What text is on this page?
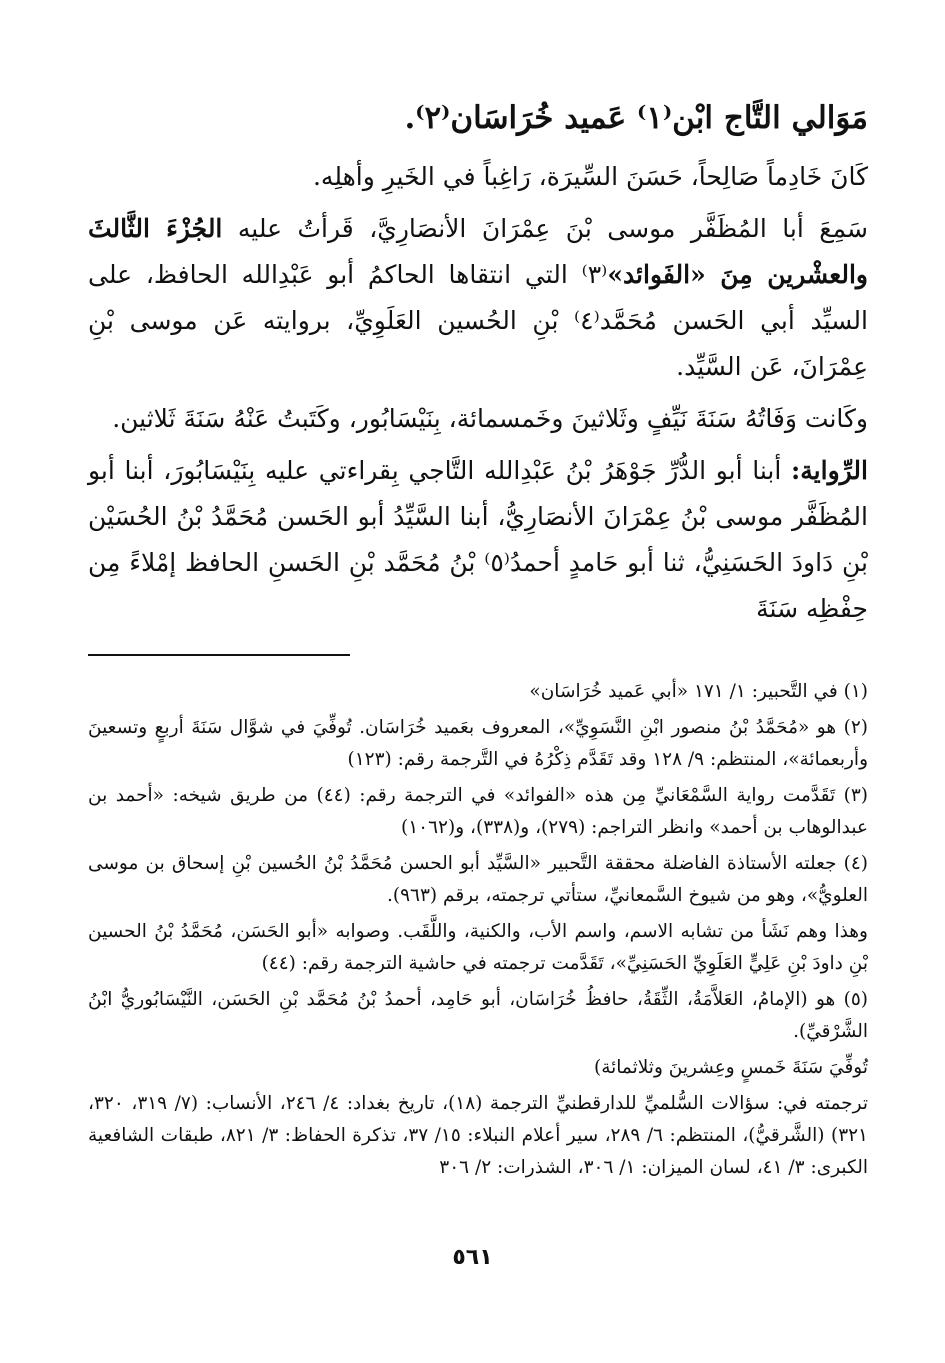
مَوَالي التَّاج ابْن⁽١⁾ عَميد خُرَاسَان⁽٢⁾.

كَانَ خَادِماً صَالِحاً، حَسَنَ السِّيرَة، رَاغِباً في الخَيرِ وأهلِه.

سَمِعَ أبا المُظَفَّر موسى بْنَ عِمْرَانَ الأنصَارِيَّ، قَرأتُ عليه الجُزْءَ الثَّالثَ والعشْرين مِنَ «الفَوائد»⁽٣⁾ التي انتقاها الحاكمُ أبو عَبْدِالله الحافظ، على السيِّد أبي الحَسن مُحَمَّد⁽٤⁾ بْنِ الحُسين العَلَوِيِّ، بروايته عَن موسى بْنِ عِمْرَانَ، عَن السَّيِّد.

وكَانت وَفَاتُهُ سَنَةَ نَيِّفٍ وثَلاثينَ وخَمسمائة، بِنَيْسَابُور، وكَتَبتُ عَنْهُ سَنَةَ ثَلاثين.

الرِّواية: أبنا أبو الدُّرِّ جَوْهَرُ بْنُ عَبْدِالله التَّاجي بِقراءتي عليه بِنَيْسَابُورَ، أبنا أبو المُظَفَّر موسى بْنُ عِمْرَانَ الأنصَارِيُّ، أبنا السَّيِّدُ أبو الحَسن مُحَمَّدُ بْنُ الحُسَيْن بْنِ دَاودَ الحَسَنِيُّ، ثنا أبو حَامدٍ أحمدُ⁽٥⁾ بْنُ مُحَمَّد بْنِ الحَسنِ الحافظ إمْلاءً مِن حِفْظِه سَنَةَ

(١) في التَّحبير: ١/ ١٧١ «أبي عَميد خُرَاسَان»

(٢) هو «مُحَمَّدُ بْنُ منصور ابْنِ النَّسَوِيِّ»، المعروف بعَميد خُرَاسَان. تُوفِّيَ في شوَّال سَنَةَ أربعٍ وتسعينَ وأربعمائة»، المنتظم: ٩/ ١٢٨ وقد تَقَدَّم ذِكْرُهُ في التَّرجمة رقم: (١٢٣)

(٣) تَقَدَّمت رواية السَّمْعَانيِّ مِن هذه «الفوائد» في الترجمة رقم: (٤٤) من طريق شيخه: «أحمد بن عبدالوهاب بن أحمد» وانظر التراجم: (٢٧٩)، و(٣٣٨)، و(١٠٦٢)

(٤) جعلته الأستاذة الفاضلة محققة التَّحبير «السَّيِّد أبو الحسن مُحَمَّدُ بْنُ الحُسين بْنِ إسحاق بن موسى العلويُّ»، وهو من شيوخ السَّمعانيِّ، ستأتي ترجمته، برقم (٩٦٣).

وهذا وهم نَشَأ من تشابه الاسم، واسم الأب، والكنية، واللَّقَب. وصوابه «أبو الحَسَن، مُحَمَّدُ بْنُ الحسين بْنِ داودَ بْنِ عَلِيٍّ العَلَوِيِّ الحَسَنِيِّ»، تَقَدَّمت ترجمته في حاشية الترجمة رقم: (٤٤)

(٥) هو (الإمامُ، العَلاَّمَةُ، الثِّقَةُ، حافظُ خُرَاسَان، أبو حَامِد، أحمدُ بْنُ مُحَمَّد بْنِ الحَسَن، النَّيْسَابُوريُّ ابْنُ الشَّرْقيِّ).

تُوفِّيَ سَنَةَ خَمسٍ وعِشرينَ وثلاثمائة)

ترجمته في: سؤالات السُّلميِّ للدارقطنيِّ الترجمة (١٨)، تاريخ بغداد: ٤/ ٢٤٦، الأنساب: (٧/ ٣١٩، ٣٢٠، ٣٢١) (الشَّرقيُّ)، المنتظم: ٦/ ٢٨٩، سير أعلام النبلاء: ١٥/ ٣٧، تذكرة الحفاظ: ٣/ ٨٢١، طبقات الشافعية الكبرى: ٣/ ٤١، لسان الميزان: ١/ ٣٠٦، الشذرات: ٢/ ٣٠٦

٥٦١
